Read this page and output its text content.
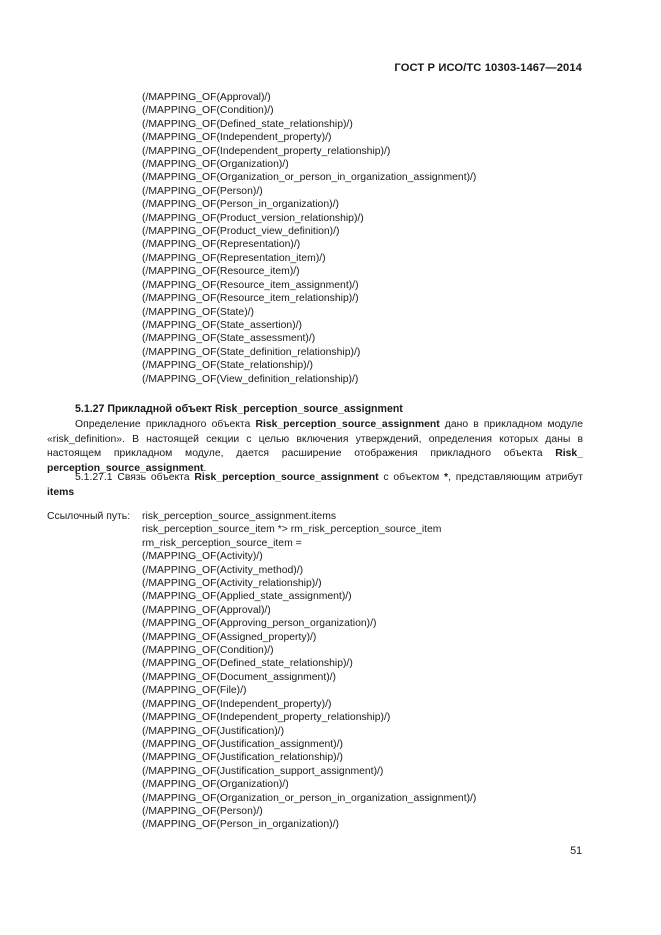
ГОСТ Р ИСО/ТС 10303-1467—2014
(/MAPPING_OF(Approval)/)
(/MAPPING_OF(Condition)/)
(/MAPPING_OF(Defined_state_relationship)/)
(/MAPPING_OF(Independent_property)/)
(/MAPPING_OF(Independent_property_relationship)/)
(/MAPPING_OF(Organization)/)
(/MAPPING_OF(Organization_or_person_in_organization_assignment)/)
(/MAPPING_OF(Person)/)
(/MAPPING_OF(Person_in_organization)/)
(/MAPPING_OF(Product_version_relationship)/)
(/MAPPING_OF(Product_view_definition)/)
(/MAPPING_OF(Representation)/)
(/MAPPING_OF(Representation_item)/)
(/MAPPING_OF(Resource_item)/)
(/MAPPING_OF(Resource_item_assignment)/)
(/MAPPING_OF(Resource_item_relationship)/)
(/MAPPING_OF(State)/)
(/MAPPING_OF(State_assertion)/)
(/MAPPING_OF(State_assessment)/)
(/MAPPING_OF(State_definition_relationship)/)
(/MAPPING_OF(State_relationship)/)
(/MAPPING_OF(View_definition_relationship)/)
5.1.27 Прикладной объект Risk_perception_source_assignment
Определение прикладного объекта Risk_perception_source_assignment дано в прикладном модуле «risk_definition». В настоящей секции с целью включения утверждений, определения которых даны в настоящем прикладном модуле, дается расширение отображения прикладного объекта Risk_ perception_source_assignment.
5.1.27.1 Связь объекта Risk_perception_source_assignment с объектом *, представляющим атрибут items
Ссылочный путь: risk_perception_source_assignment.items
risk_perception_source_item *> rm_risk_perception_source_item
rm_risk_perception_source_item =
(/MAPPING_OF(Activity)/)
(/MAPPING_OF(Activity_method)/)
(/MAPPING_OF(Activity_relationship)/)
(/MAPPING_OF(Applied_state_assignment)/)
(/MAPPING_OF(Approval)/)
(/MAPPING_OF(Approving_person_organization)/)
(/MAPPING_OF(Assigned_property)/)
(/MAPPING_OF(Condition)/)
(/MAPPING_OF(Defined_state_relationship)/)
(/MAPPING_OF(Document_assignment)/)
(/MAPPING_OF(File)/)
(/MAPPING_OF(Independent_property)/)
(/MAPPING_OF(Independent_property_relationship)/)
(/MAPPING_OF(Justification)/)
(/MAPPING_OF(Justification_assignment)/)
(/MAPPING_OF(Justification_relationship)/)
(/MAPPING_OF(Justification_support_assignment)/)
(/MAPPING_OF(Organization)/)
(/MAPPING_OF(Organization_or_person_in_organization_assignment)/)
(/MAPPING_OF(Person)/)
(/MAPPING_OF(Person_in_organization)/)
51
